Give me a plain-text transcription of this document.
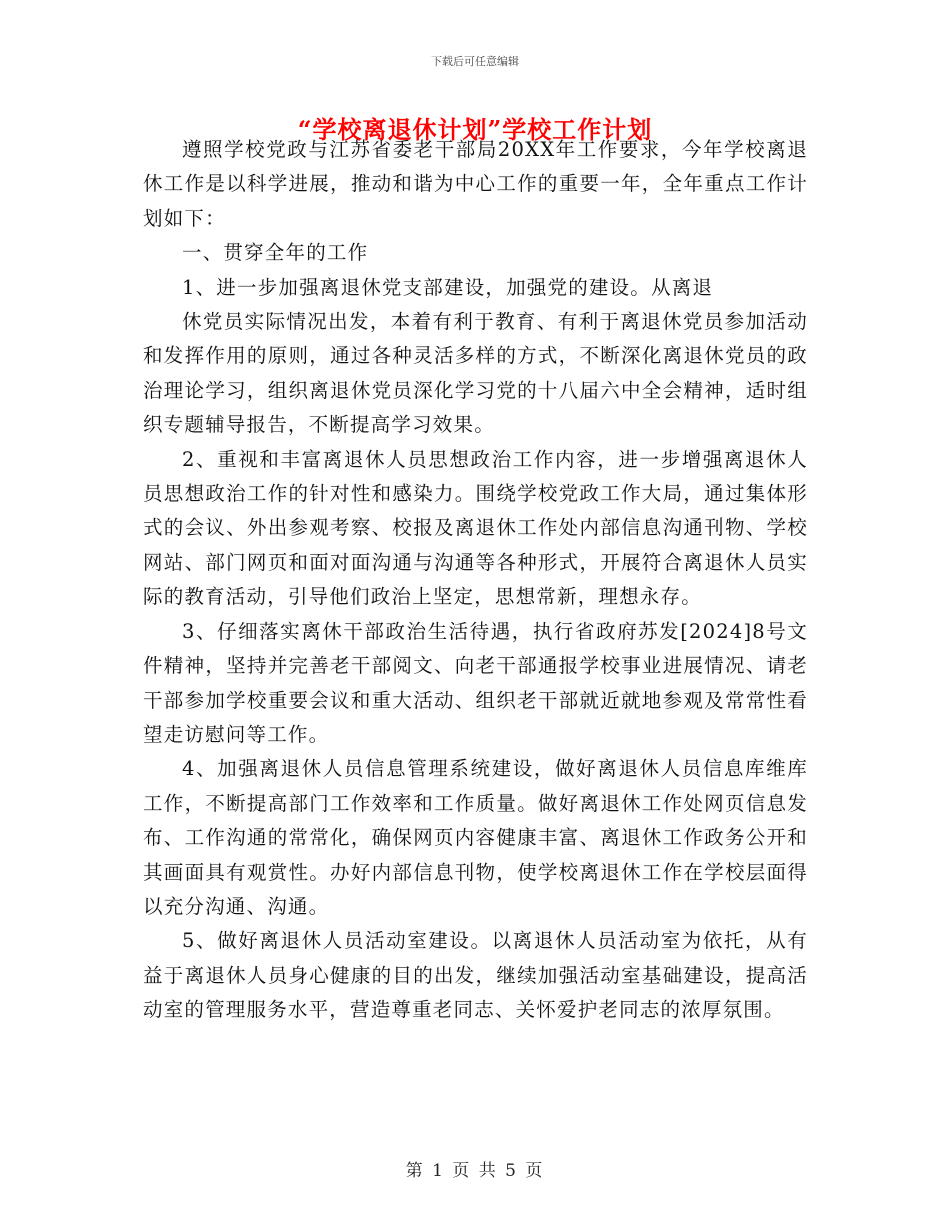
下载后可任意编辑
“学校离退休计划”学校工作计划

遵照学校党政与江苏省委老干部局20XX年工作要求，今年学校离退休工作是以科学进展，推动和谐为中心工作的重要一年，全年重点工作计划如下：

一、贯穿全年的工作

1、进一步加强离退休党支部建设，加强党的建设。从离退

休党员实际情况出发，本着有利于教育、有利于离退休党员参加活动和发挥作用的原则，通过各种灵活多样的方式，不断深化离退休党员的政治理论学习，组织离退休党员深化学习党的十八届六中全会精神，适时组织专题辅导报告，不断提高学习效果。

2、重视和丰富离退休人员思想政治工作内容，进一步增强离退休人员思想政治工作的针对性和感染力。围绕学校党政工作大局，通过集体形式的会议、外出参观考察、校报及离退休工作处内部信息沟通刊物、学校网站、部门网页和面对面沟通与沟通等各种形式，开展符合离退休人员实际的教育活动，引导他们政治上坚定，思想常新，理想永存。

3、仔细落实离休干部政治生活待遇，执行省政府苏发[2024]8号文件精神，坚持并完善老干部阅文、向老干部通报学校事业进展情况、请老干部参加学校重要会议和重大活动、组织老干部就近就地参观及常常性看望走访慰问等工作。

4、加强离退休人员信息管理系统建设，做好离退休人员信息库维库工作，不断提高部门工作效率和工作质量。做好离退休工作处网页信息发布、工作沟通的常常化，确保网页内容健康丰富、离退休工作政务公开和其画面具有观赏性。办好内部信息刊物，使学校离退休工作在学校层面得以充分沟通、沟通。

5、做好离退休人员活动室建设。以离退休人员活动室为依托，从有益于离退休人员身心健康的目的出发，继续加强活动室基础建设，提高活动室的管理服务水平，营造尊重老同志、关怀爱护老同志的浓厚氛围。

第 1 页 共 5 页
